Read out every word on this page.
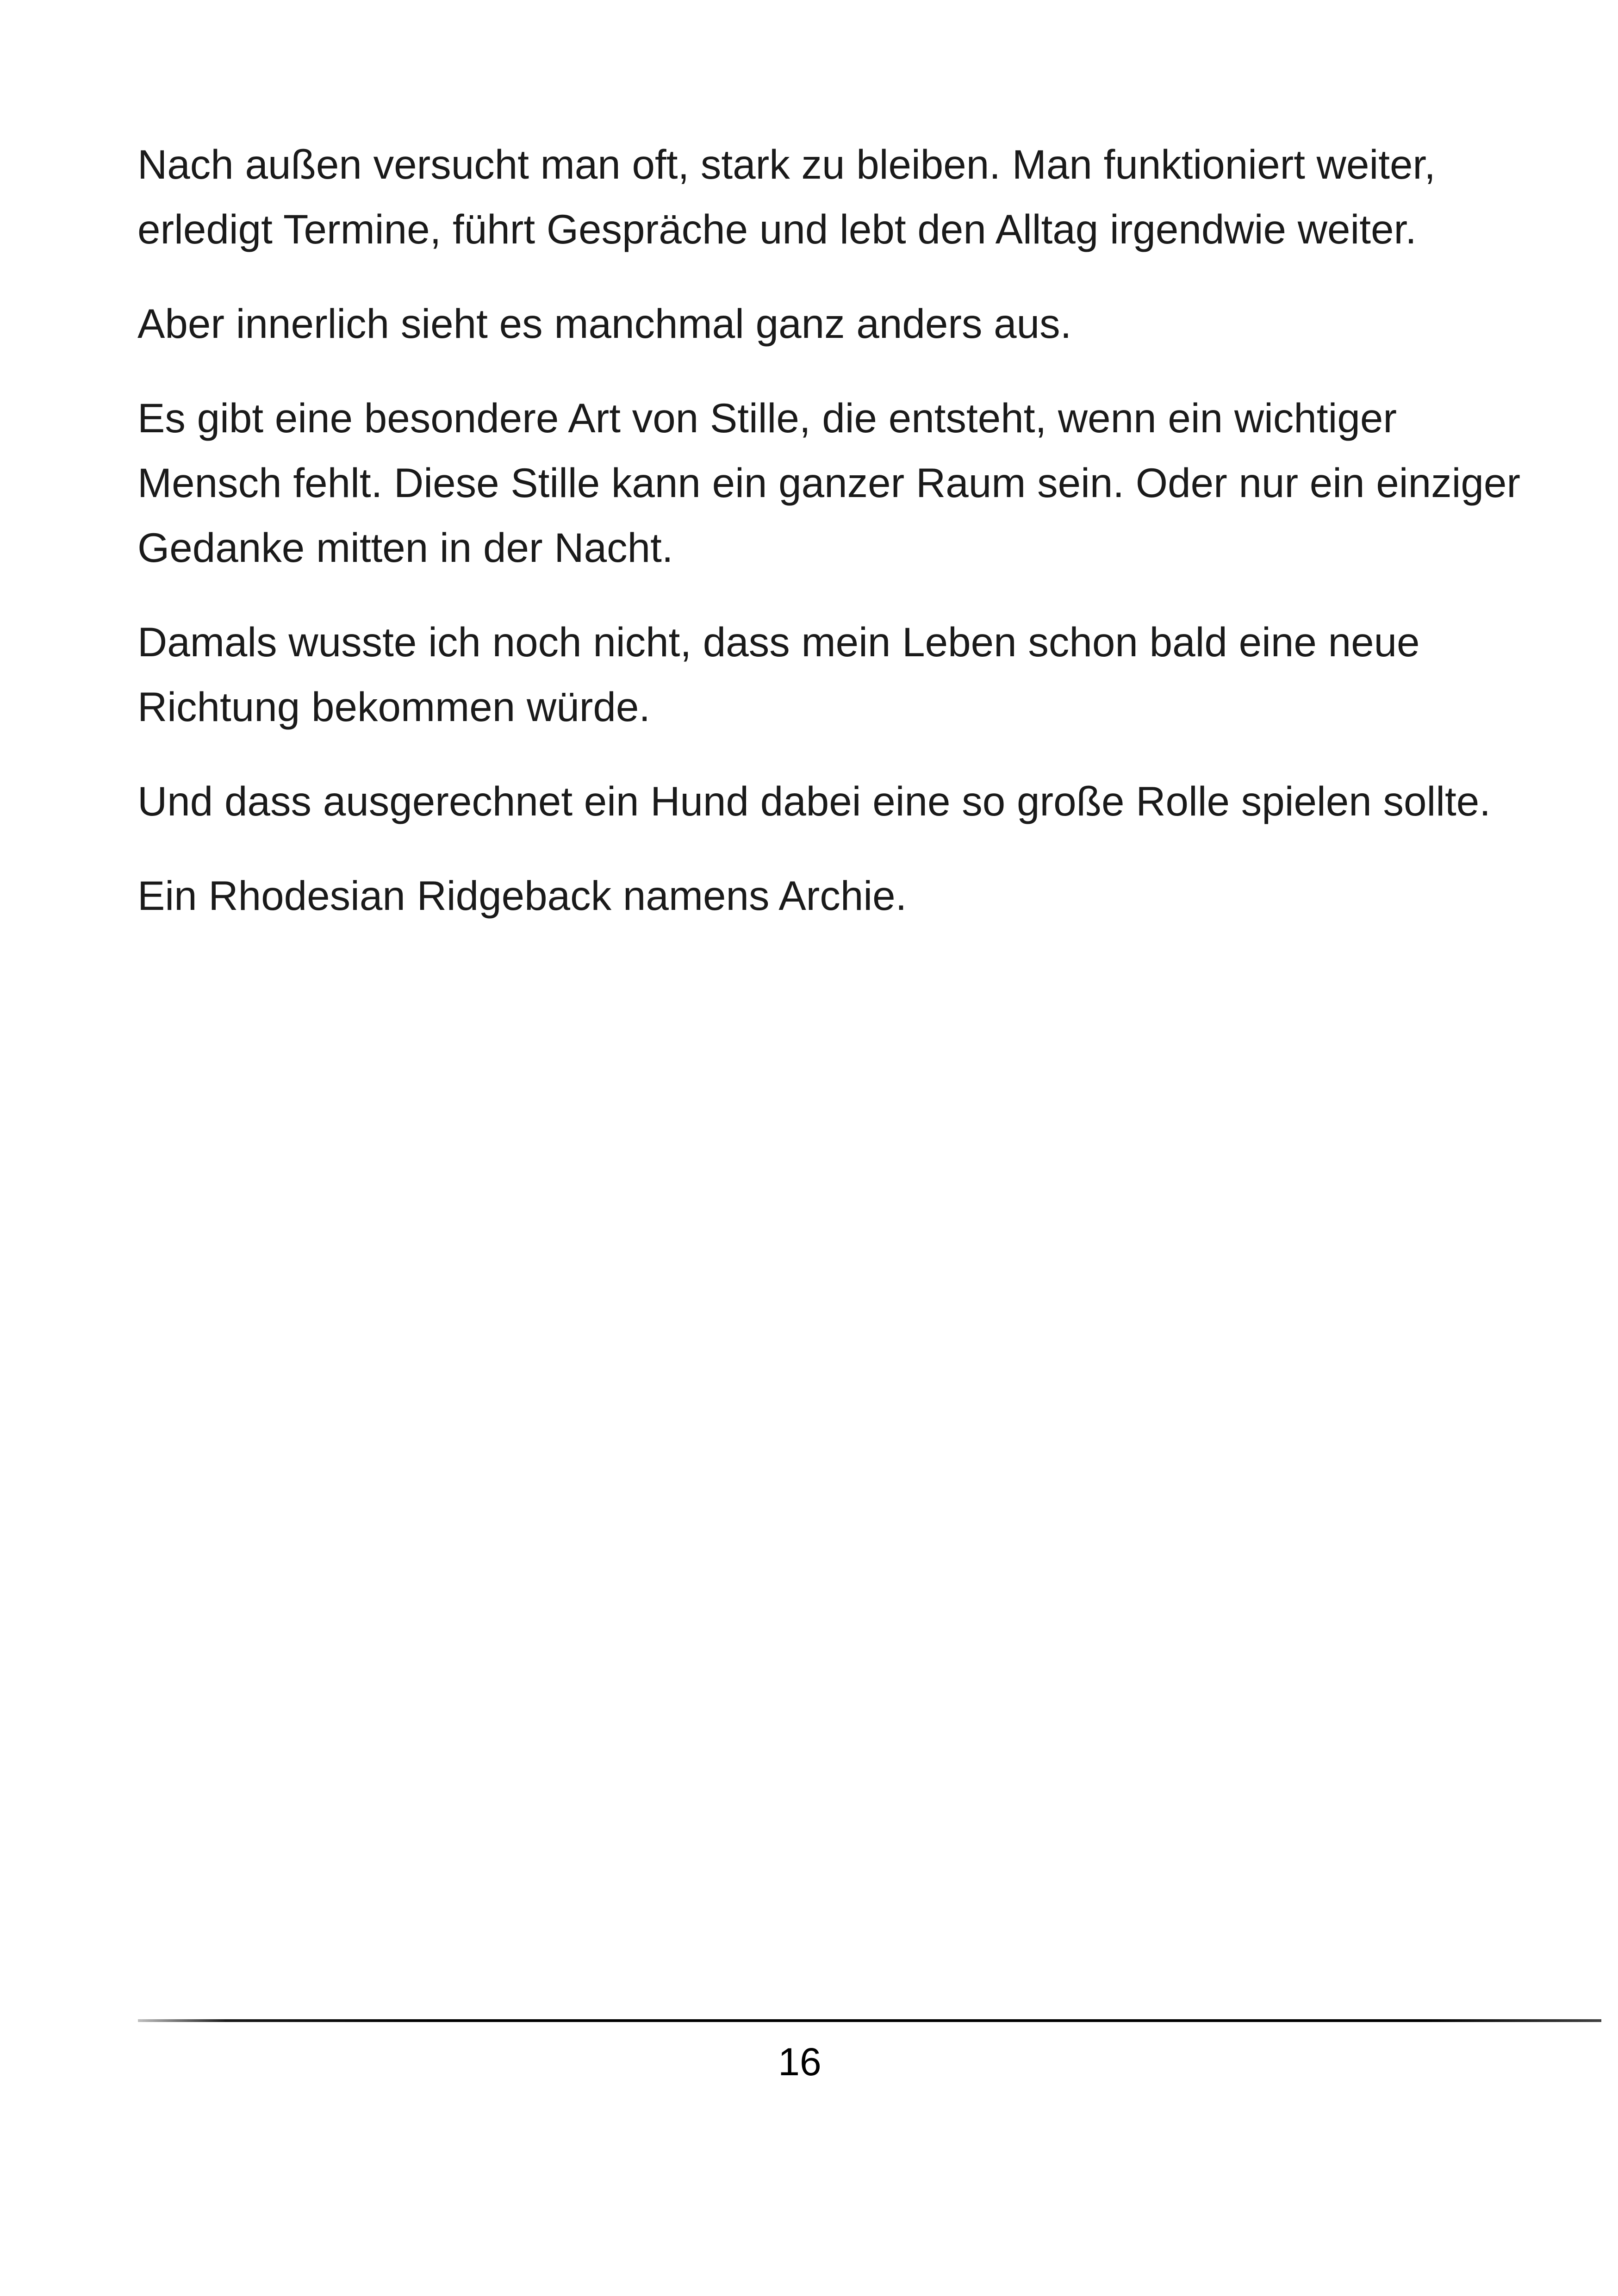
Nach außen versucht man oft, stark zu bleiben. Man funktioniert weiter, erledigt Termine, führt Gespräche und lebt den Alltag irgendwie weiter.

Aber innerlich sieht es manchmal ganz anders aus.

Es gibt eine besondere Art von Stille, die entsteht, wenn ein wichtiger Mensch fehlt. Diese Stille kann ein ganzer Raum sein. Oder nur ein einziger Gedanke mitten in der Nacht.

Damals wusste ich noch nicht, dass mein Leben schon bald eine neue Richtung bekommen würde.

Und dass ausgerechnet ein Hund dabei eine so große Rolle spielen sollte.

Ein Rhodesian Ridgeback namens Archie.

16
